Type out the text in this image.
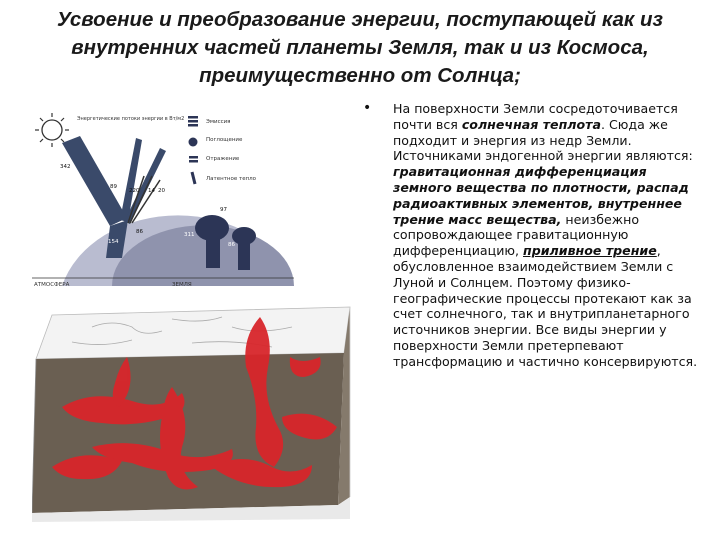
Усвоение и преобразование энергии, поступающей как из внутренних частей планеты Земля, так и из Космоса, преимущественно от Солнца;
Эмиссия
Поглощение
Отражение
Латентное тепло
Энергетические потоки энергии в Вт/м2
342
89
220 14 20
154
86
97
311
86
АТМОСФЕРА	ЗЕМЛЯ
• На поверхности Земли сосредоточивается почти вся солнечная теплота. Сюда же подходит и энергия из недр Земли. Источниками эндогенной энергии являются: гравитационная дифференциация земного вещества по плотности, распад радиоактивных элементов, внутреннее трение масс вещества, неизбежно сопровождающее гравитационную дифференциацию, приливное трение, обусловленное взаимодействием Земли с Луной и Солнцем. Поэтому физико-географические процессы протекают как за счет солнечного, так и внутрипланетарного источников энергии. Все виды энергии у поверхности Земли претерпевают трансформацию и частично консервируются.
